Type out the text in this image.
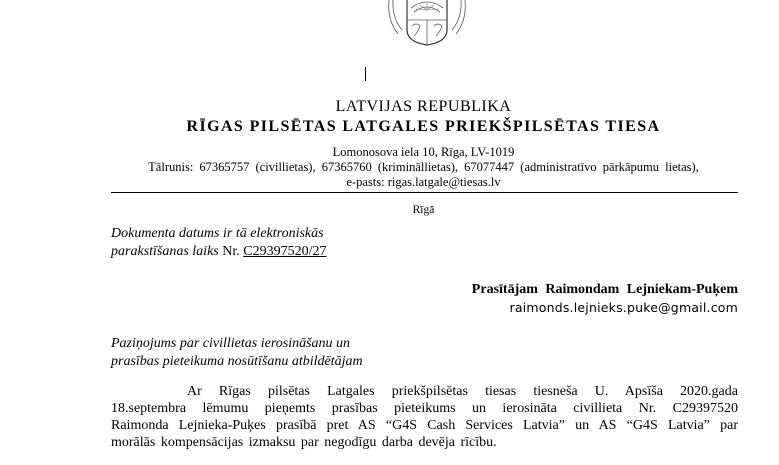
LATVIJAS REPUBLIKA
RĪGAS PILSĒTAS LATGALES PRIEKŠPILSĒTAS TIESA
Lomonosova iela 10, Rīga, LV-1019
Tālrunis: 67365757 (civillietas), 67365760 (krimināllietas), 67077447 (administratīvo pārkāpumu lietas),
e-pasts: rigas.latgale@tiesas.lv
Rīgā
Dokumenta datums ir tā elektroniskās
parakstīšanas laiks Nr. C29397520/27
Prasītājam Raimondam Lejniekam-Puķem
raimonds.lejnieks.puke@gmail.com
Paziņojums par civillietas ierosināšanu un
prasības pieteikuma nosūtīšanu atbildētājam
Ar Rīgas pilsētas Latgales priekšpilsētas tiesas tiesneša U. Apsīša 2020.gada
18.septembra lēmumu pieņemts prasības pieteikums un ierosināta civillieta Nr. C29397520
Raimonda Lejnieka-Puķes prasībā pret AS “G4S Cash Services Latvia” un AS “G4S Latvia” par
morālās kompensācijas izmaksu par negodīgu darba devēja rīcību.
